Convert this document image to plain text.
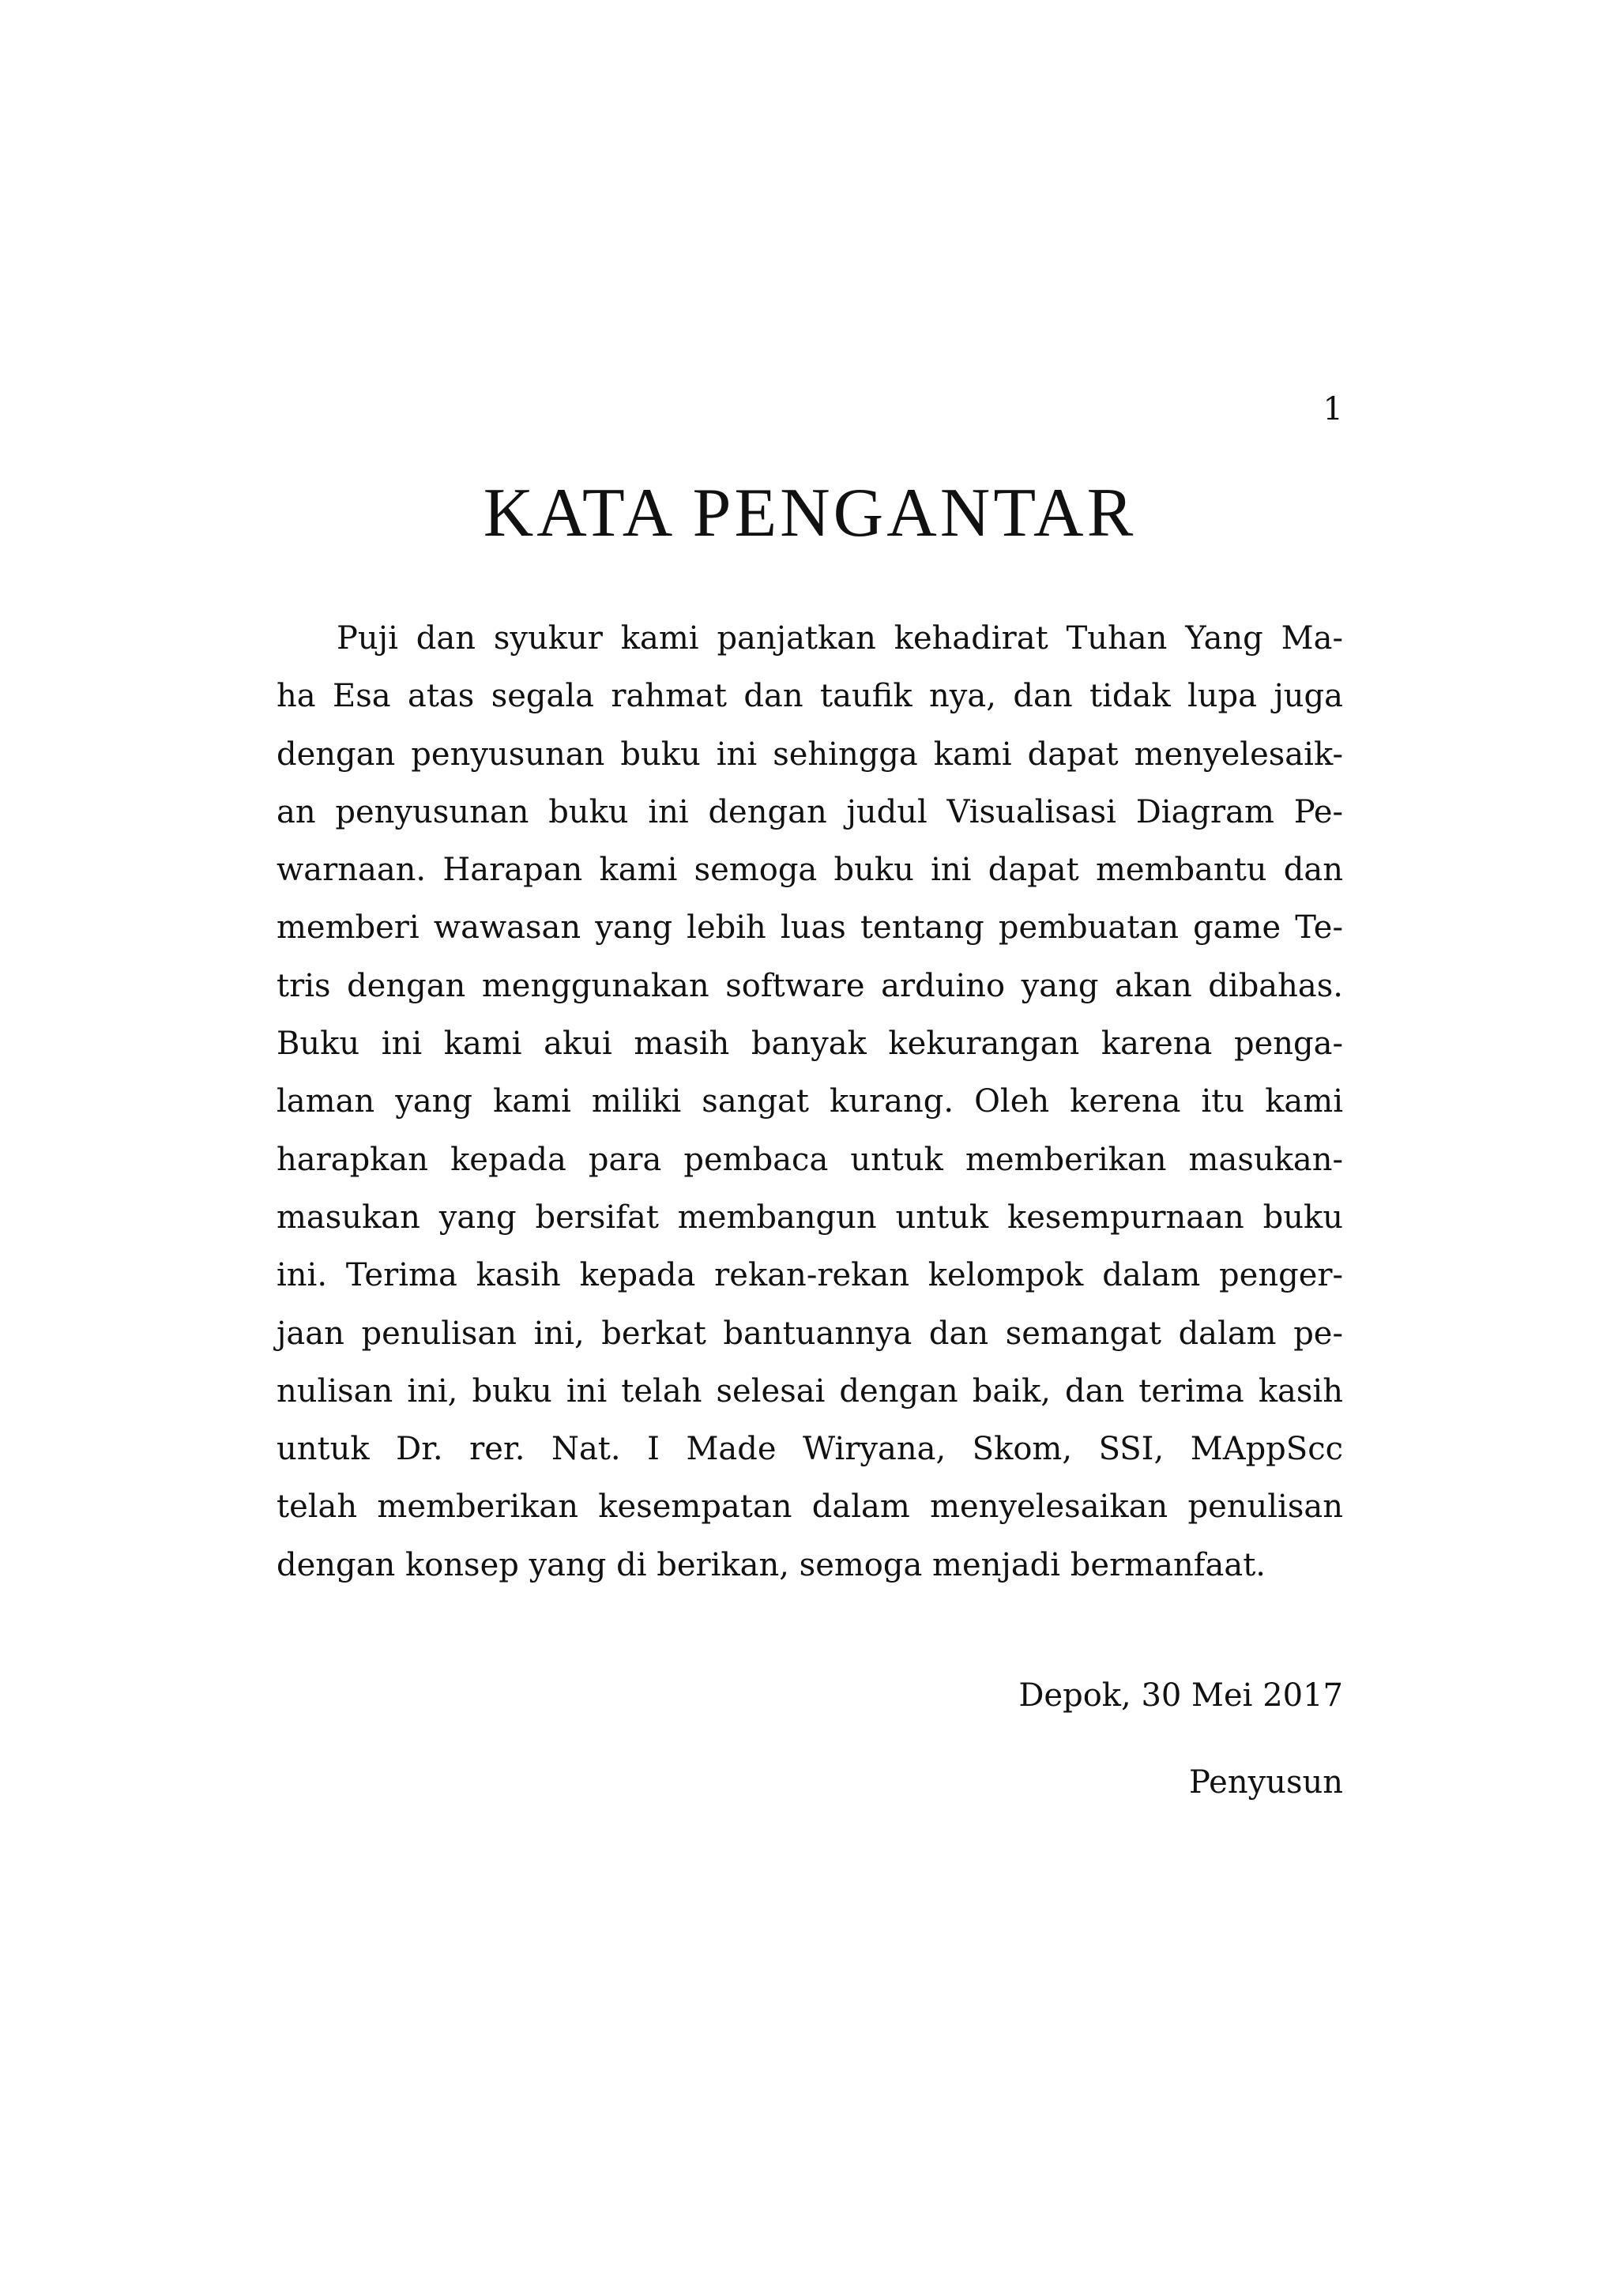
1
KATA PENGANTAR
Puji dan syukur kami panjatkan kehadirat Tuhan Yang Ma-
ha Esa atas segala rahmat dan taufik nya, dan tidak lupa juga
dengan penyusunan buku ini sehingga kami dapat menyelesaik-
an penyusunan buku ini dengan judul Visualisasi Diagram Pe-
warnaan. Harapan kami semoga buku ini dapat membantu dan
memberi wawasan yang lebih luas tentang pembuatan game Te-
tris dengan menggunakan software arduino yang akan dibahas.
Buku ini kami akui masih banyak kekurangan karena penga-
laman yang kami miliki sangat kurang. Oleh kerena itu kami
harapkan kepada para pembaca untuk memberikan masukan-
masukan yang bersifat membangun untuk kesempurnaan buku
ini. Terima kasih kepada rekan-rekan kelompok dalam penger-
jaan penulisan ini, berkat bantuannya dan semangat dalam pe-
nulisan ini, buku ini telah selesai dengan baik, dan terima kasih
untuk Dr. rer. Nat. I Made Wiryana, Skom, SSI, MAppScc
telah memberikan kesempatan dalam menyelesaikan penulisan
dengan konsep yang di berikan, semoga menjadi bermanfaat.
Depok, 30 Mei 2017
Penyusun
